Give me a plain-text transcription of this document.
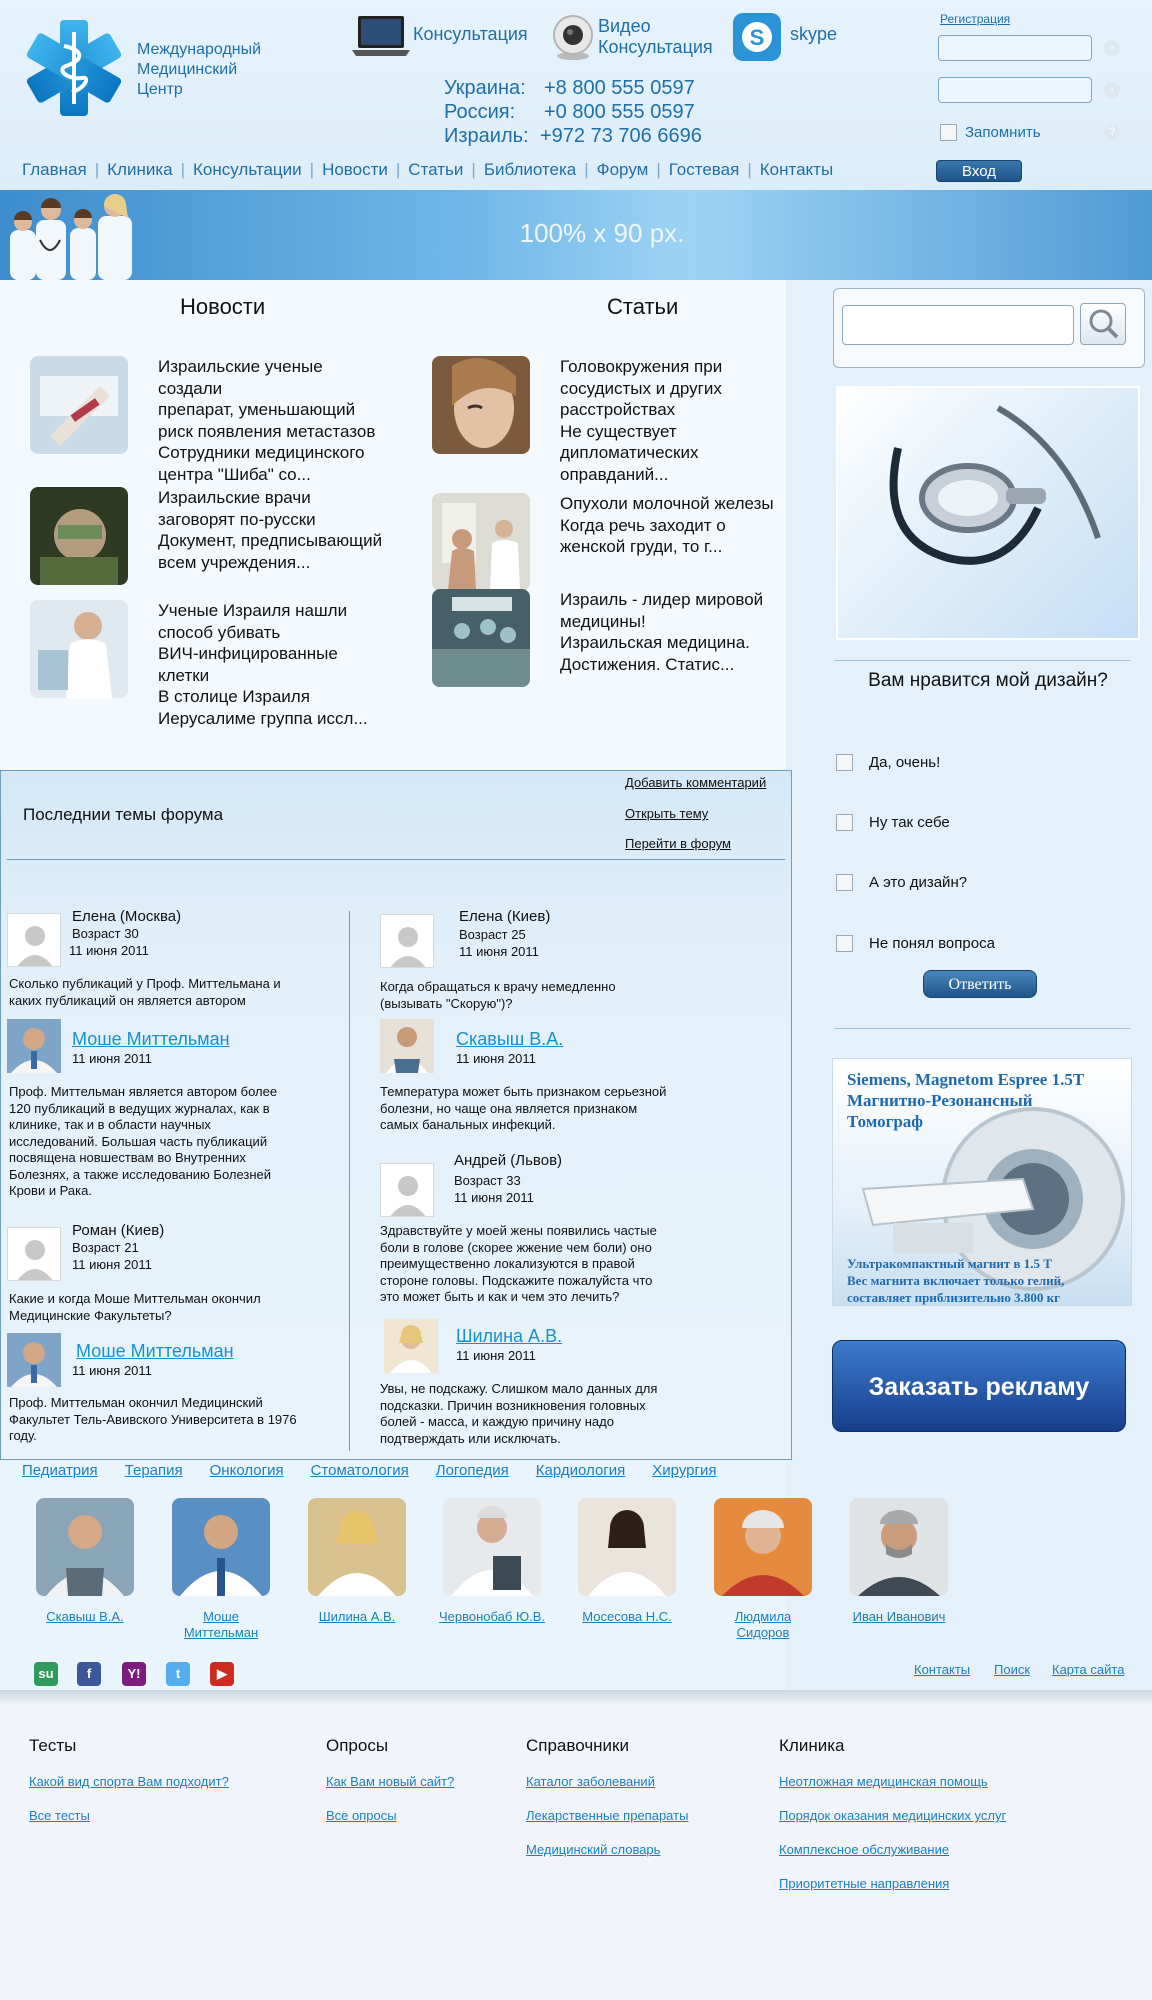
Международный
Медицинский
Центр
Консультация	Видео
Консультация S skype
Украина: +8 800 555 0597
Россия:	+0 800 555 0597
Израиль: +972 73 706 6696
Регистрация
›
›
Запомнить	?
Вход
Главная | Клиника | Консультации | Новости | Статьи | Библиотека | Форум | Гостевая | Контакты
100% x 90 px.
Новости	Статьи
Израильские ученые
создали
препарат, уменьшающий
риск появления метастазов
Сотрудники медицинского
центра "Шиба" со...
Израильские врачи
заговорят по-русски
Документ, предписывающий
всем учреждения...
Ученые Израиля нашли
способ убивать
ВИЧ-инфицированные
клетки
В столице Израиля
Иерусалиме группа иссл...
Головокружения при
сосудистых и других
расстройствах
Не существует
дипломатических
оправданий...
Опухоли молочной железы
Когда речь заходит о
женской груди, то г...
Израиль - лидер мировой
медицины!
Израильская медицина.
Достижения. Статис...
Вам нравится мой дизайн?
Да, очень!
Ну так себе
А это дизайн?
Не понял вопроса
Ответить
Siemens, Magnetom Espree 1.5T
Магнитно-Резонансный
Томограф
Ультракомпактный магнит в 1.5 Т
Вес магнита включает только гелий,
составляет приблизительно 3.800 кг
Заказать рекламу
Последнии темы форума
Добавить комментарий
Открыть тему
Перейти в форум
Елена (Москва)
Возраст 30
11 июня 2011
Сколько публикаций у Проф. Миттельмана и
каких публикаций он является автором
Моше Миттельман
11 июня 2011
Проф. Миттельман является автором более
120 публикаций в ведущих журналах, как в
клинике, так и в области научных
исследований. Большая часть публикаций
посвящена новшествам во Внутренних
Болезнях, а также исследованию Болезней
Крови и Рака.
Роман (Киев)
Возраст 21
11 июня 2011
Какие и когда Моше Миттельман окончил
Медицинские Факультеты?
Моше Миттельман
11 июня 2011
Проф. Миттельман окончил Медицинский
Факультет Тель-Авивского Университета в 1976
году.
Елена (Киев)
Возраст 25
11 июня 2011
Когда обращаться к врачу немедленно
(вызывать "Скорую")?
Скавыш В.А.
11 июня 2011
Температура может быть признаком серьезной
болезни, но чаще она является признаком
самых банальных инфекций.
Андрей (Львов)
Возраст 33
11 июня 2011
Здравствуйте у моей жены появились частые
боли в голове (скорее жжение чем боли) оно
преимущественно локализуются в правой
стороне головы. Подскажите пожалуйста что
это может быть и как и чем это лечить?
Шилина А.В.
11 июня 2011
Увы, не подскажу. Слишком мало данных для
подсказки. Причин возникновения головных
болей - масса, и каждую причину надо
подтверждать или исключать.
Педиатрия Терапия Онкология Стоматология Логопедия Кардиология Хирургия
Скавыш В.А.	Моше
Миттельман
Шилина А.В.	Червонобаб Ю.В.	Мосесова Н.С.	Людмила
Сидоров
Иван Иванович
su	f	Y!	t	▶	Контакты Поиск Карта сайта
Тесты
Какой вид спорта Вам подходит?
Все тесты
Опросы
Как Вам новый сайт?
Все опросы
Справочники
Каталог заболеваний
Лекарственные препараты
Медицинский словарь
Клиника
Неотложная медицинская помощь
Порядок оказания медицинских услуг
Комплексное обслуживание
Приоритетные направления
